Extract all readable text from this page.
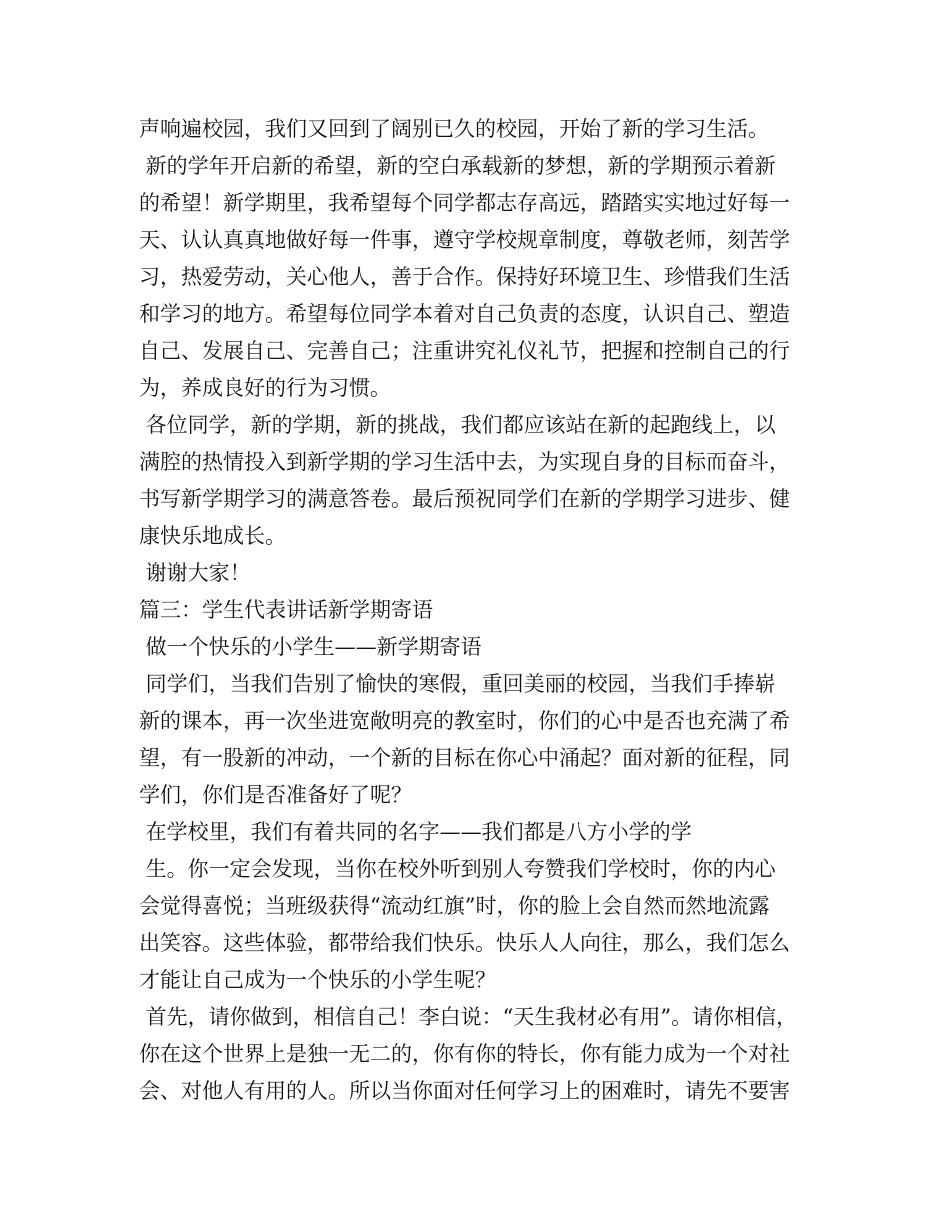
声响遍校园，我们又回到了阔别已久的校园，开始了新的学习生活。
新的学年开启新的希望，新的空白承载新的梦想，新的学期预示着新
的希望！新学期里，我希望每个同学都志存高远，踏踏实实地过好每一
天、认认真真地做好每一件事，遵守学校规章制度，尊敬老师，刻苦学
习，热爱劳动，关心他人，善于合作。保持好环境卫生、珍惜我们生活
和学习的地方。希望每位同学本着对自己负责的态度，认识自己、塑造
自己、发展自己、完善自己；注重讲究礼仪礼节，把握和控制自己的行
为，养成良好的行为习惯。
各位同学，新的学期，新的挑战，我们都应该站在新的起跑线上，以
满腔的热情投入到新学期的学习生活中去，为实现自身的目标而奋斗，
书写新学期学习的满意答卷。最后预祝同学们在新的学期学习进步、健
康快乐地成长。
谢谢大家！
篇三：学生代表讲话新学期寄语
做一个快乐的小学生——新学期寄语
同学们，当我们告别了愉快的寒假，重回美丽的校园，当我们手捧崭
新的课本，再一次坐进宽敞明亮的教室时，你们的心中是否也充满了希
望，有一股新的冲动，一个新的目标在你心中涌起？面对新的征程，同
学们，你们是否准备好了呢？
在学校里，我们有着共同的名字——我们都是八方小学的学
生。你一定会发现，当你在校外听到别人夸赞我们学校时，你的内心
会觉得喜悦；当班级获得“流动红旗”时，你的脸上会自然而然地流露
出笑容。这些体验，都带给我们快乐。快乐人人向往，那么，我们怎么
才能让自己成为一个快乐的小学生呢？
首先，请你做到，相信自己！李白说：“天生我材必有用”。请你相信，
你在这个世界上是独一无二的，你有你的特长，你有能力成为一个对社
会、对他人有用的人。所以当你面对任何学习上的困难时，请先不要害
